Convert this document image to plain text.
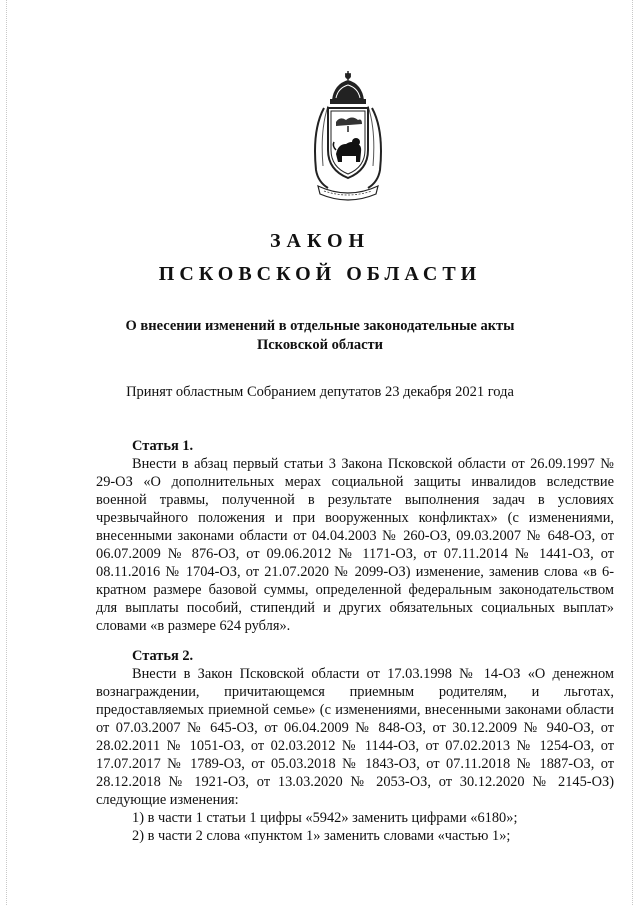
ЗАКОН
ПСКОВСКОЙ ОБЛАСТИ
О внесении изменений в отдельные законодательные акты
Псковской области
Принят областным Собранием депутатов 23 декабря 2021 года
Статья 1.

Внести в абзац первый статьи 3 Закона Псковской области от 26.09.1997 № 29-ОЗ «О дополнительных мерах социальной защиты инвалидов вследствие военной травмы, полученной в результате выполнения задач в условиях чрезвычайного положения и при вооруженных конфликтах» (с изменениями, внесенными законами области от 04.04.2003 № 260-ОЗ, 09.03.2007 № 648-ОЗ, от 06.07.2009 № 876-ОЗ, от 09.06.2012 № 1171-ОЗ, от 07.11.2014 № 1441-ОЗ, от 08.11.2016 № 1704-ОЗ, от 21.07.2020 № 2099-ОЗ) изменение, заменив слова «в 6-кратном размере базовой суммы, определенной федеральным законодательством для выплаты пособий, стипендий и других обязательных социальных выплат» словами «в размере 624 рубля».

Статья 2.

Внести в Закон Псковской области от 17.03.1998 № 14-ОЗ «О денежном вознаграждении, причитающемся приемным родителям, и льготах, предоставляемых приемной семье» (с изменениями, внесенными законами области от 07.03.2007 № 645-ОЗ, от 06.04.2009 № 848-ОЗ, от 30.12.2009 № 940-ОЗ, от 28.02.2011 № 1051-ОЗ, от 02.03.2012 № 1144-ОЗ, от 07.02.2013 № 1254-ОЗ, от 17.07.2017 № 1789-ОЗ, от 05.03.2018 № 1843-ОЗ, от 07.11.2018 № 1887-ОЗ, от 28.12.2018 № 1921-ОЗ, от 13.03.2020 № 2053-ОЗ, от 30.12.2020 № 2145-ОЗ) следующие изменения:

1) в части 1 статьи 1 цифры «5942» заменить цифрами «6180»;
2) в части 2 слова «пунктом 1» заменить словами «частью 1»;
